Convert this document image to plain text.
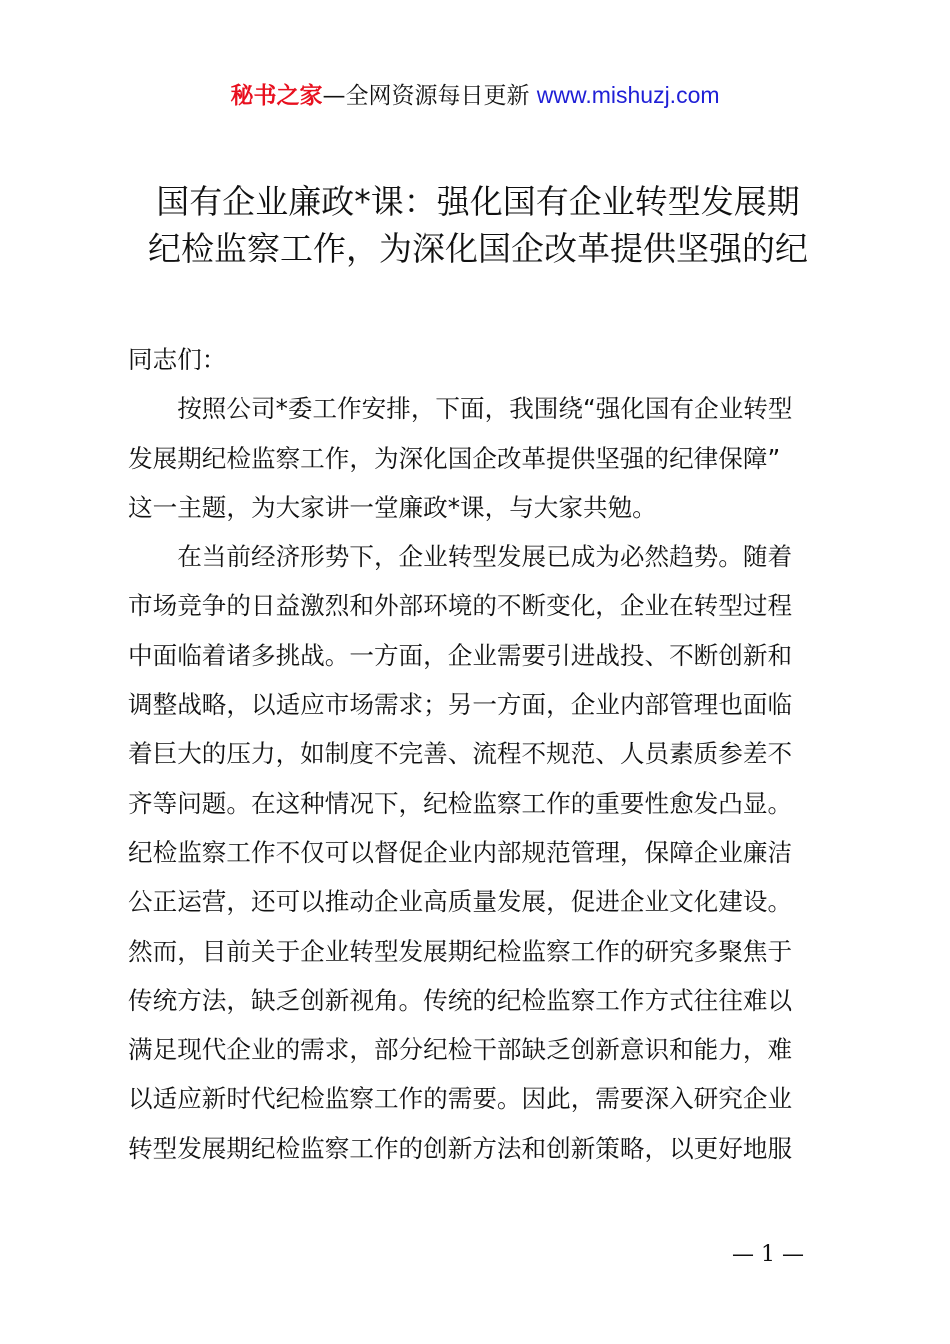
秘书之家—全网资源每日更新 www.mishuzj.com
国有企业廉政*课：强化国有企业转型发展期
纪检监察工作，为深化国企改革提供坚强的纪
同志们：
　　按照公司*委工作安排，下面，我围绕“强化国有企业转型
发展期纪检监察工作，为深化国企改革提供坚强的纪律保障”
这一主题，为大家讲一堂廉政*课，与大家共勉。
　　在当前经济形势下，企业转型发展已成为必然趋势。随着
市场竞争的日益激烈和外部环境的不断变化，企业在转型过程
中面临着诸多挑战。一方面，企业需要引进战投、不断创新和
调整战略，以适应市场需求；另一方面，企业内部管理也面临
着巨大的压力，如制度不完善、流程不规范、人员素质参差不
齐等问题。在这种情况下，纪检监察工作的重要性愈发凸显。
纪检监察工作不仅可以督促企业内部规范管理，保障企业廉洁
公正运营，还可以推动企业高质量发展，促进企业文化建设。
然而，目前关于企业转型发展期纪检监察工作的研究多聚焦于
传统方法，缺乏创新视角。传统的纪检监察工作方式往往难以
满足现代企业的需求，部分纪检干部缺乏创新意识和能力，难
以适应新时代纪检监察工作的需要。因此，需要深入研究企业
转型发展期纪检监察工作的创新方法和创新策略，以更好地服
— 1 —
